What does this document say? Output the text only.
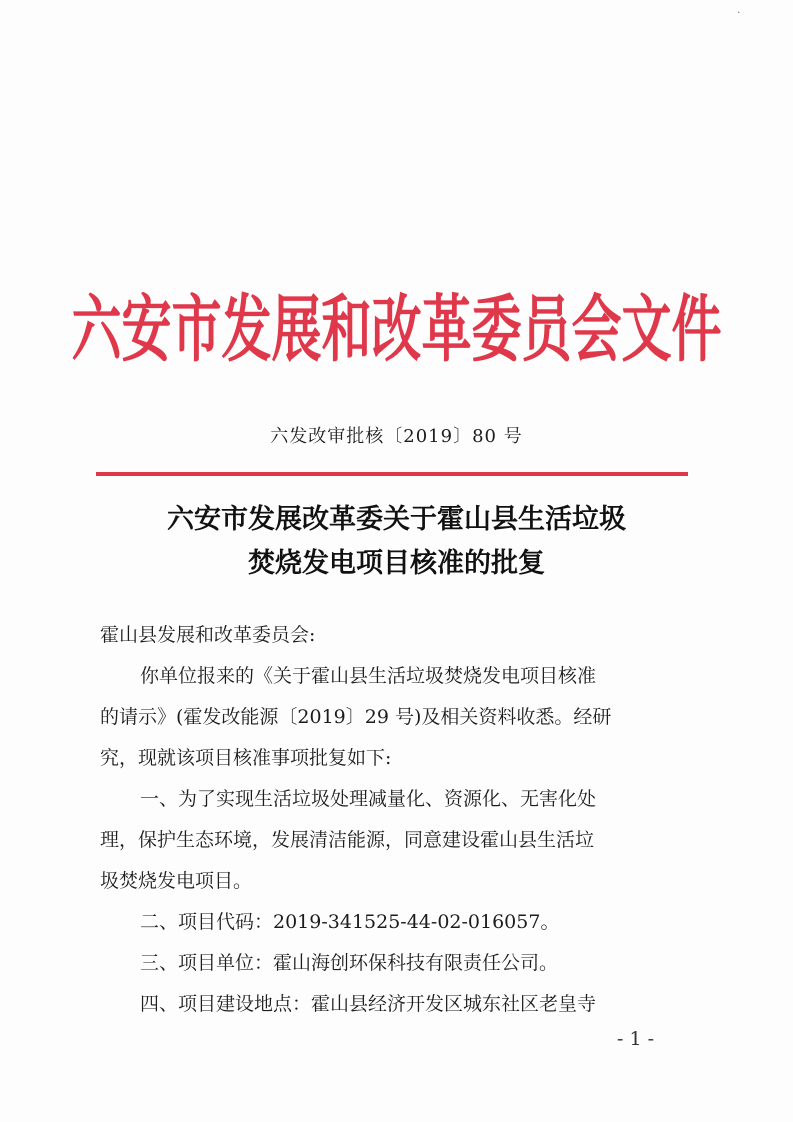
·
六安市发展和改革委员会文件
六发改审批核〔2019〕80 号
六安市发展改革委关于霍山县生活垃圾
焚烧发电项目核准的批复
霍山县发展和改革委员会:
你单位报来的《关于霍山县生活垃圾焚烧发电项目核准
的请示》(霍发改能源〔2019〕29 号)及相关资料收悉。经研
究，现就该项目核准事项批复如下:
一、为了实现生活垃圾处理减量化、资源化、无害化处
理，保护生态环境，发展清洁能源，同意建设霍山县生活垃
圾焚烧发电项目。
二、项目代码：2019-341525-44-02-016057。
三、项目单位：霍山海创环保科技有限责任公司。
四、项目建设地点：霍山县经济开发区城东社区老皇寺
- 1 -
